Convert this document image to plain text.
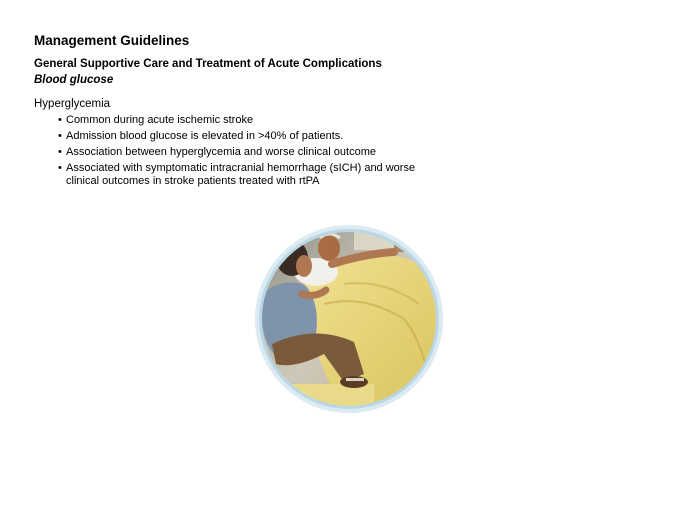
Management Guidelines
General Supportive Care and Treatment of Acute Complications
Blood glucose
Hyperglycemia
• Common during acute ischemic stroke
• Admission blood glucose is elevated in >40% of patients.
• Association between hyperglycemia and worse clinical outcome
• Associated with symptomatic intracranial hemorrhage (sICH) and worse clinical outcomes in stroke patients treated with rtPA
